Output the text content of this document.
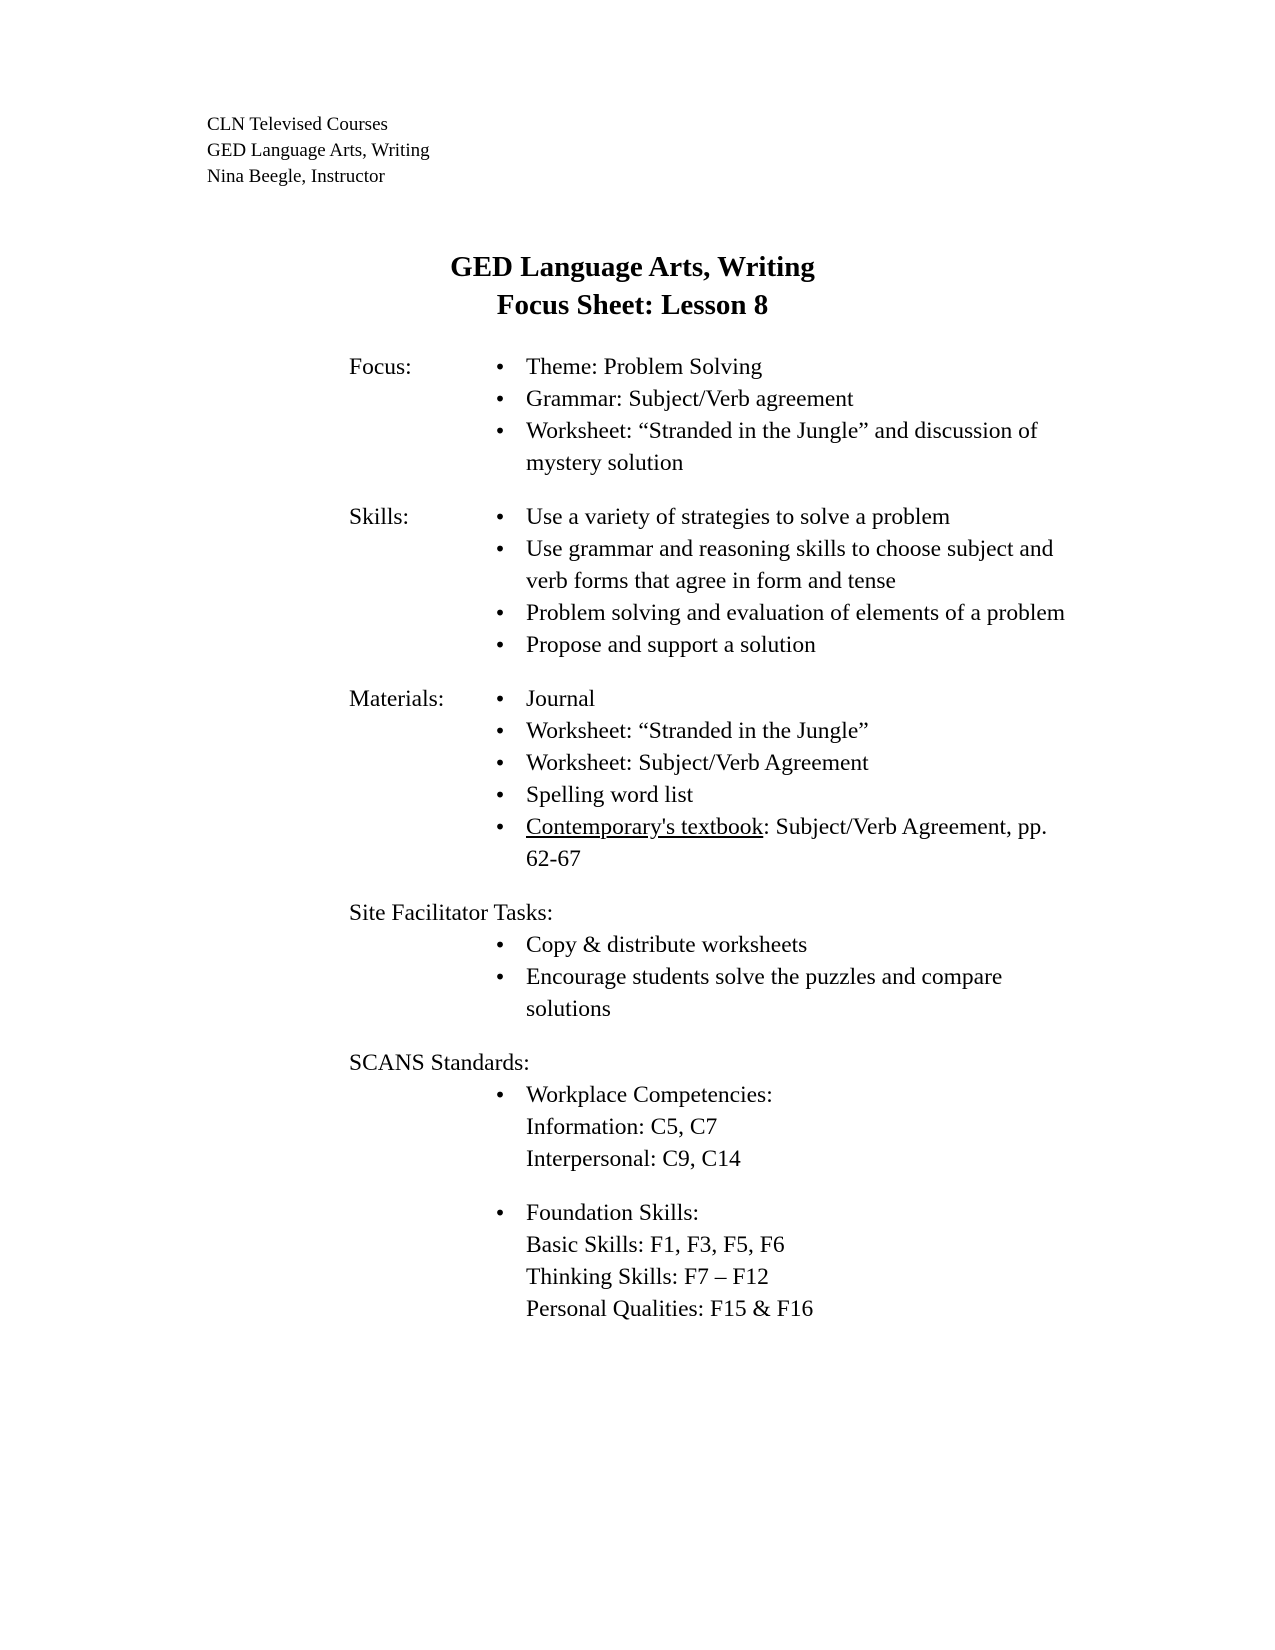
CLN Televised Courses
GED Language Arts, Writing
Nina Beegle, Instructor
GED Language Arts, Writing
Focus Sheet: Lesson 8
Focus:	• Theme: Problem Solving
• Grammar: Subject/Verb agreement
• Worksheet: “Stranded in the Jungle” and discussion of mystery solution
Skills:	• Use a variety of strategies to solve a problem
• Use grammar and reasoning skills to choose subject and verb forms that agree in form and tense
• Problem solving and evaluation of elements of a problem
• Propose and support a solution
Materials:	• Journal
• Worksheet: “Stranded in the Jungle”
• Worksheet: Subject/Verb Agreement
• Spelling word list
• Contemporary's textbook: Subject/Verb Agreement, pp. 62-67
Site Facilitator Tasks:
• Copy & distribute worksheets
• Encourage students solve the puzzles and compare solutions
SCANS Standards:
• Workplace Competencies:
Information: C5, C7
Interpersonal: C9, C14
• Foundation Skills:
Basic Skills: F1, F3, F5, F6
Thinking Skills: F7 – F12
Personal Qualities: F15 & F16
